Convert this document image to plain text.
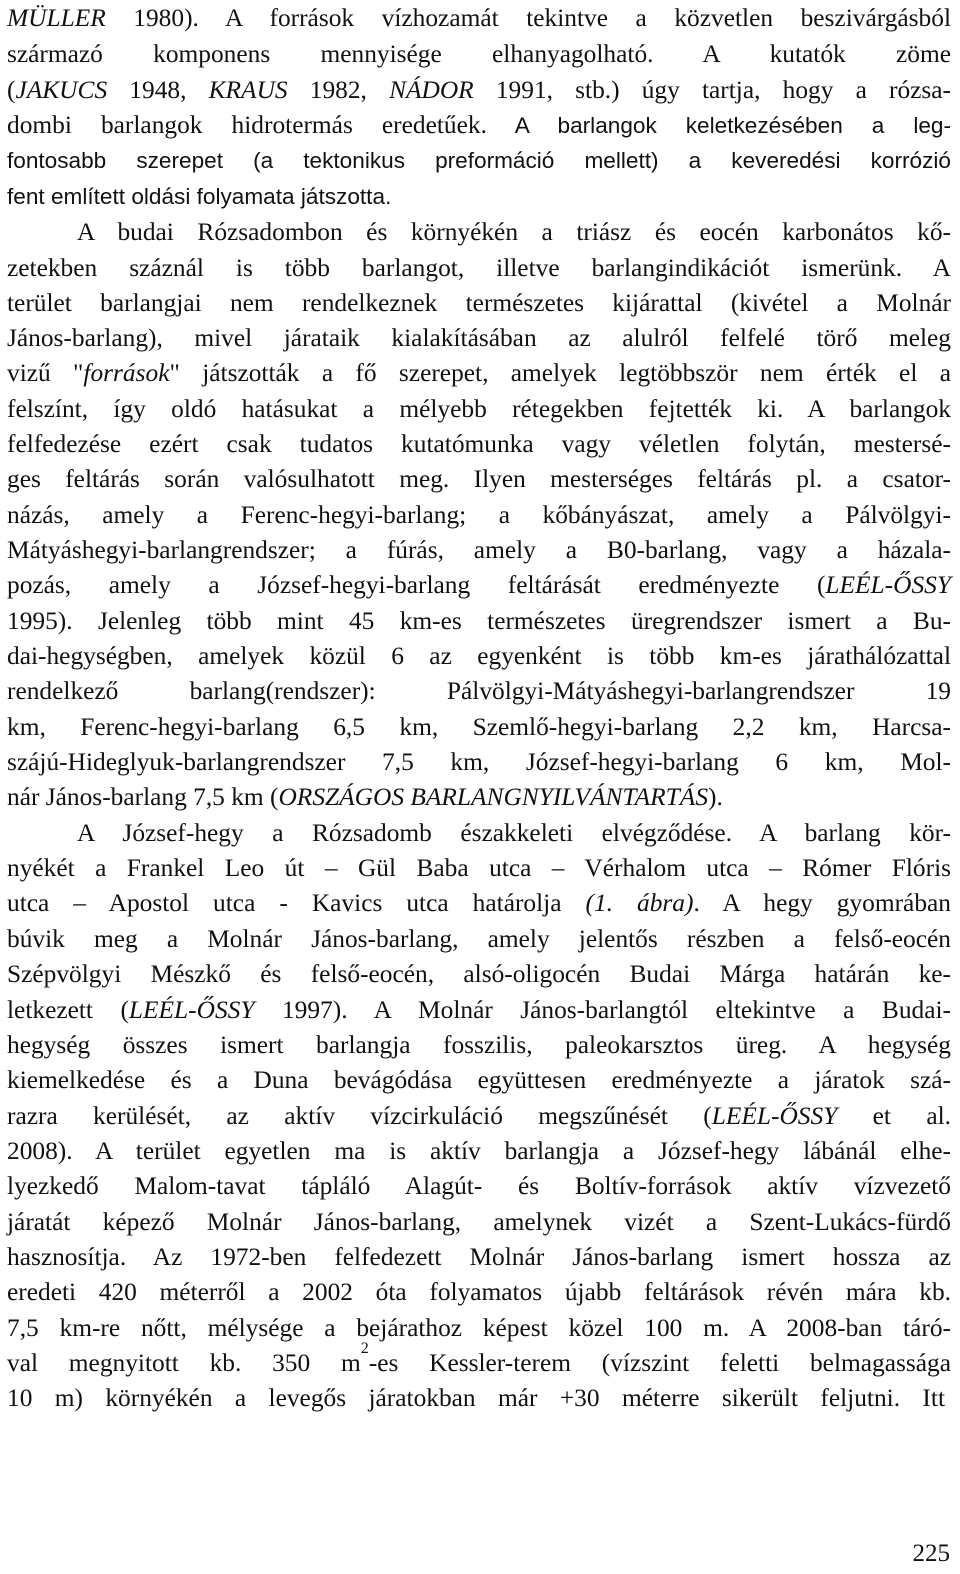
MÜLLER 1980). A források vízhozamát tekintve a közvetlen beszivárgásból
származó komponens mennyisége elhanyagolható. A kutatók zöme
(JAKUCS 1948, KRAUS 1982, NÁDOR 1991, stb.) úgy tartja, hogy a rózsa-
dombi barlangok hidrotermás eredetűek. A barlangok keletkezésében a leg-
fontosabb szerepet (a tektonikus preformáció mellett) a keveredési korrózió
fent említett oldási folyamata játszotta.
A budai Rózsadombon és környékén a triász és eocén karbonátos kő-
zetekben száznál is több barlangot, illetve barlangindikációt ismerünk. A
terület barlangjai nem rendelkeznek természetes kijárattal (kivétel a Molnár
János-barlang), mivel járataik kialakításában az alulról felfelé törő meleg
vizű "források" játszották a fő szerepet, amelyek legtöbbször nem érték el a
felszínt, így oldó hatásukat a mélyebb rétegekben fejtették ki. A barlangok
felfedezése ezért csak tudatos kutatómunka vagy véletlen folytán, mestersé-
ges feltárás során valósulhatott meg. Ilyen mesterséges feltárás pl. a csator-
názás, amely a Ferenc-hegyi-barlang; a kőbányászat, amely a Pálvölgyi-
Mátyáshegyi-barlangrendszer; a fúrás, amely a B0-barlang, vagy a házala-
pozás, amely a József-hegyi-barlang feltárását eredményezte (LEÉL-ŐSSY
1995). Jelenleg több mint 45 km-es természetes üregrendszer ismert a Bu-
dai-hegységben, amelyek közül 6 az egyenként is több km-es járathálózattal
rendelkező barlang(rendszer): Pálvölgyi-Mátyáshegyi-barlangrendszer 19
km, Ferenc-hegyi-barlang 6,5 km, Szemlő-hegyi-barlang 2,2 km, Harcsa-
szájú-Hideglyuk-barlangrendszer 7,5 km, József-hegyi-barlang 6 km, Mol-
nár János-barlang 7,5 km (ORSZÁGOS BARLANGNYILVÁNTARTÁS).
A József-hegy a Rózsadomb északkeleti elvégződése. A barlang kör-
nyékét a Frankel Leo út – Gül Baba utca – Vérhalom utca – Rómer Flóris
utca – Apostol utca - Kavics utca határolja (1. ábra). A hegy gyomrában
búvik meg a Molnár János-barlang, amely jelentős részben a felső-eocén
Szépvölgyi Mészkő és felső-eocén, alsó-oligocén Budai Márga határán ke-
letkezett (LEÉL-ŐSSY 1997). A Molnár János-barlangtól eltekintve a Budai-
hegység összes ismert barlangja fosszilis, paleokarsztos üreg. A hegység
kiemelkedése és a Duna bevágódása együttesen eredményezte a járatok szá-
razra kerülését, az aktív vízcirkuláció megszűnését (LEÉL-ŐSSY et al.
2008). A terület egyetlen ma is aktív barlangja a József-hegy lábánál elhe-
lyezkedő Malom-tavat tápláló Alagút- és Boltív-források aktív vízvezető
járatát képező Molnár János-barlang, amelynek vizét a Szent-Lukács-fürdő
hasznosítja. Az 1972-ben felfedezett Molnár János-barlang ismert hossza az
eredeti 420 méterről a 2002 óta folyamatos újabb feltárások révén mára kb.
7,5 km-re nőtt, mélysége a bejárathoz képest közel 100 m. A 2008-ban táró-
val megnyitott kb. 350 $m^2-es$ Kessler-terem (vízszint feletti belmagassága
10 m) környékén a levegős járatokban már +30 méterre sikerült feljutni. Itt
225
